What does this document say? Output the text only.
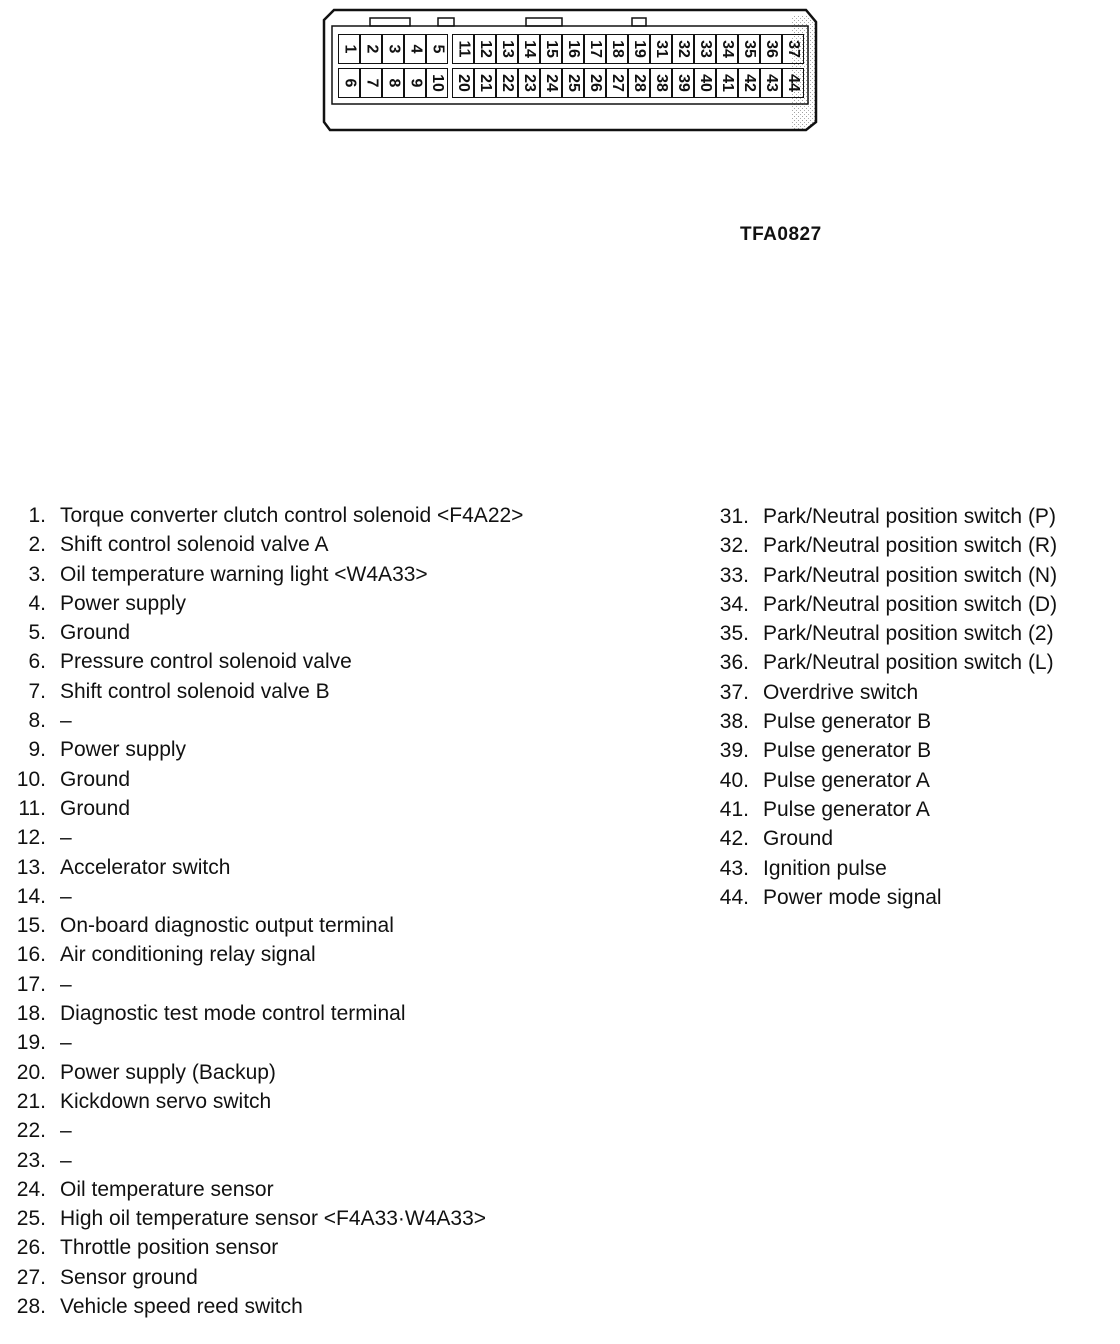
1 2 3 4 5 11 12 13 14 15 16 17 18 19 31 32 33 34 35 36 37
6 7 8 9 10 20 21 22 23 24 25 26 27 28 38 39 40 41 42 43 44
TFA0827
1. Torque converter clutch control solenoid <F4A22>
2. Shift control solenoid valve A
3. Oil temperature warning light <W4A33>
4. Power supply
5. Ground
6. Pressure control solenoid valve
7. Shift control solenoid valve B
8. –
9. Power supply
10. Ground
11. Ground
12. –
13. Accelerator switch
14. –
15. On-board diagnostic output terminal
16. Air conditioning relay signal
17. –
18. Diagnostic test mode control terminal
19. –
20. Power supply (Backup)
21. Kickdown servo switch
22. –
23. –
24. Oil temperature sensor
25. High oil temperature sensor <F4A33·W4A33>
26. Throttle position sensor
27. Sensor ground
28. Vehicle speed reed switch
31. Park/Neutral position switch (P)
32. Park/Neutral position switch (R)
33. Park/Neutral position switch (N)
34. Park/Neutral position switch (D)
35. Park/Neutral position switch (2)
36. Park/Neutral position switch (L)
37. Overdrive switch
38. Pulse generator B
39. Pulse generator B
40. Pulse generator A
41. Pulse generator A
42. Ground
43. Ignition pulse
44. Power mode signal
